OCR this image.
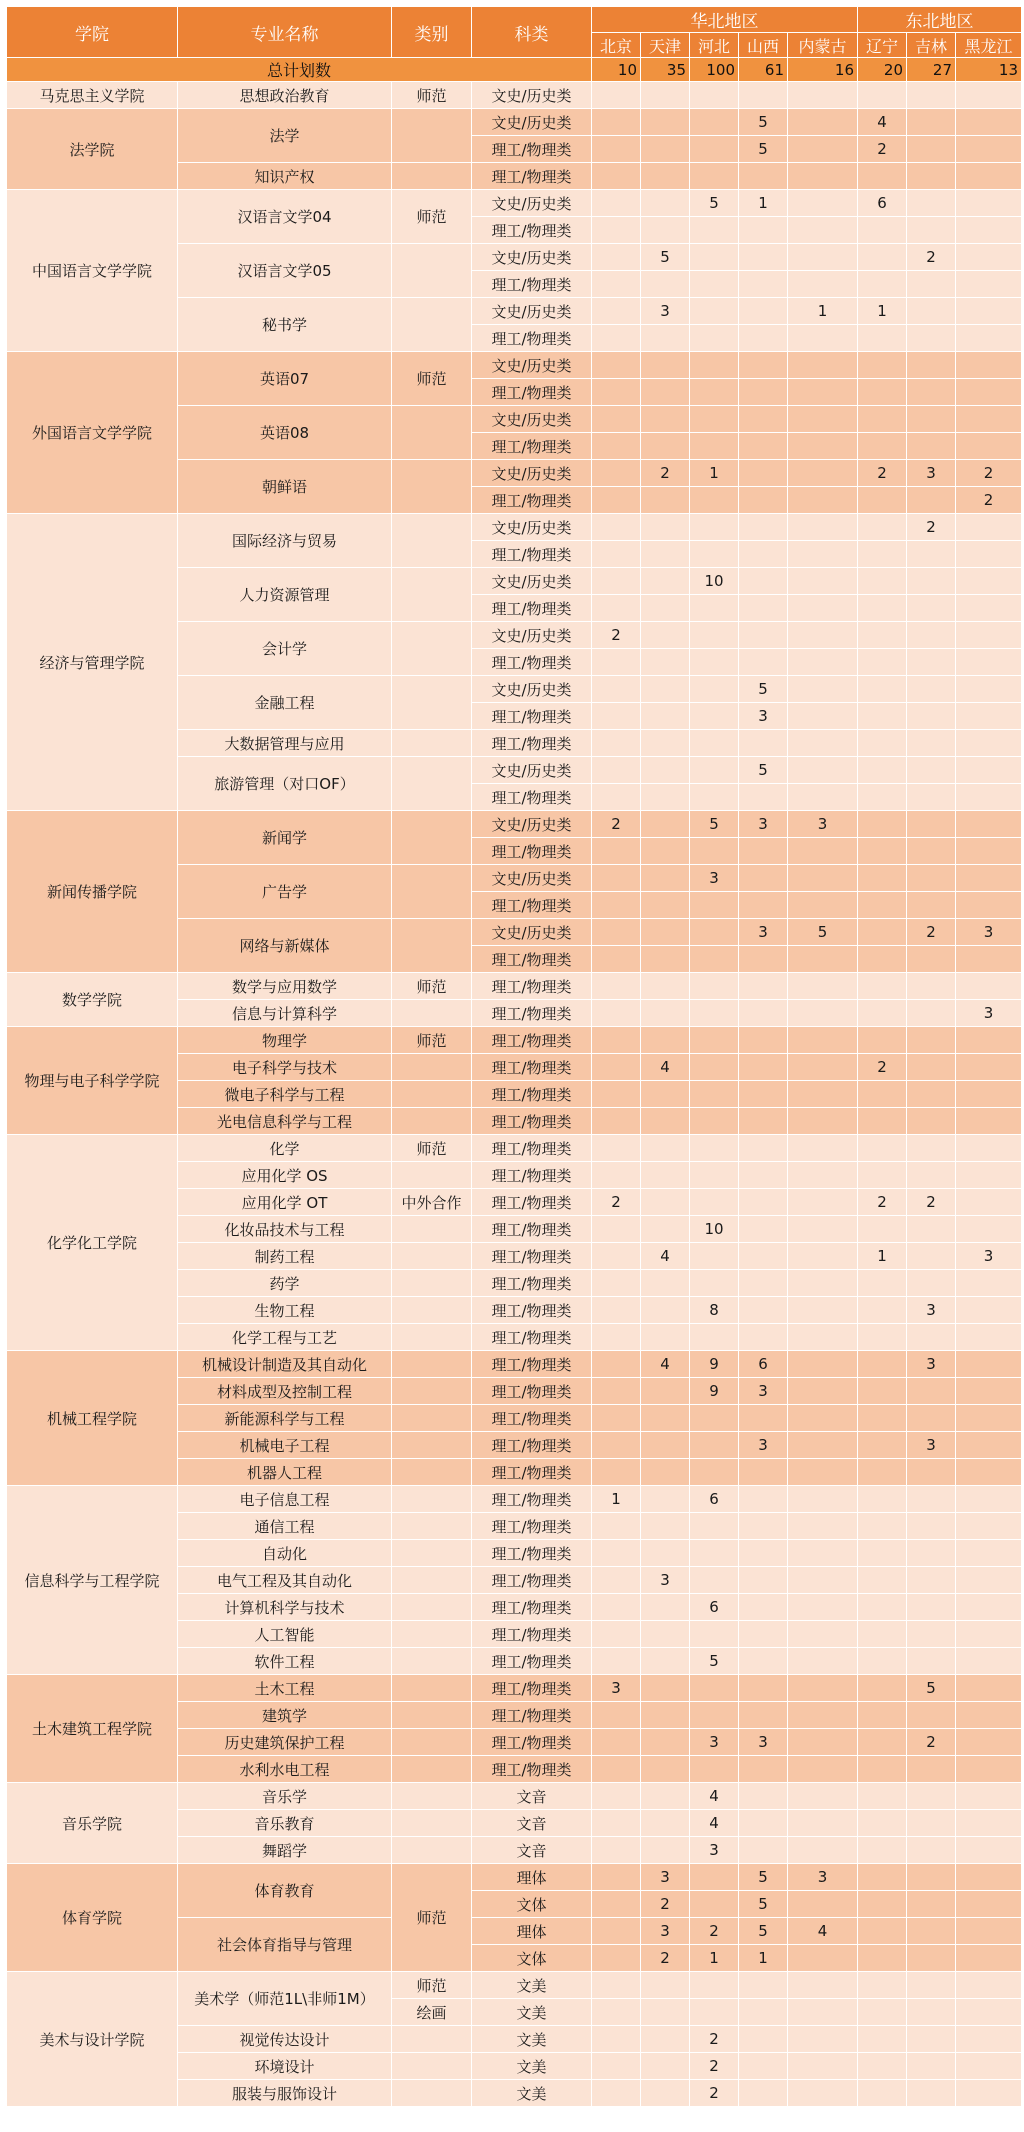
学院	专业名称	类别	科类	华北地区					东北地区		
				北京	天津	河北	山西	内蒙古	辽宁	吉林	黑龙江
总计划数				10	35	100	61	16	20	27	13
马克思主义学院	思想政治教育	师范	文史/历史类								
法学院	法学		文史/历史类				5		4		
			理工/物理类				5		2		
	知识产权		理工/物理类								
中国语言文学学院	汉语言文学04	师范	文史/历史类			5	1		6		
			理工/物理类								
	汉语言文学05		文史/历史类		5					2	
			理工/物理类								
	秘书学		文史/历史类		3			1	1		
			理工/物理类								
外国语言文学学院	英语07	师范	文史/历史类								
			理工/物理类								
	英语08		文史/历史类								
			理工/物理类								
	朝鲜语		文史/历史类		2	1			2	3	2
			理工/物理类								2
经济与管理学院	国际经济与贸易		文史/历史类							2	
			理工/物理类								
	人力资源管理		文史/历史类			10					
			理工/物理类								
	会计学		文史/历史类	2							
			理工/物理类								
	金融工程		文史/历史类				5				
			理工/物理类				3				
	大数据管理与应用		理工/物理类								
	旅游管理（对口OF）		文史/历史类				5				
			理工/物理类								
新闻传播学院	新闻学		文史/历史类	2		5	3	3			
			理工/物理类								
	广告学		文史/历史类			3					
			理工/物理类								
	网络与新媒体		文史/历史类				3	5		2	3
			理工/物理类								
数学学院	数学与应用数学	师范	理工/物理类								
	信息与计算科学		理工/物理类								3
物理与电子科学学院	物理学	师范	理工/物理类								
	电子科学与技术		理工/物理类		4				2		
	微电子科学与工程		理工/物理类								
	光电信息科学与工程		理工/物理类								
化学化工学院	化学	师范	理工/物理类								
	应用化学 OS		理工/物理类								
	应用化学 OT	中外合作	理工/物理类	2					2	2	
	化妆品技术与工程		理工/物理类			10					
	制药工程		理工/物理类		4				1		3
	药学		理工/物理类								
	生物工程		理工/物理类			8				3	
	化学工程与工艺		理工/物理类								
机械工程学院	机械设计制造及其自动化		理工/物理类		4	9	6			3	
	材料成型及控制工程		理工/物理类			9	3				
	新能源科学与工程		理工/物理类								
	机械电子工程		理工/物理类				3			3	
	机器人工程		理工/物理类								
信息科学与工程学院	电子信息工程		理工/物理类	1		6					
	通信工程		理工/物理类								
	自动化		理工/物理类								
	电气工程及其自动化		理工/物理类		3						
	计算机科学与技术		理工/物理类			6					
	人工智能		理工/物理类								
	软件工程		理工/物理类			5					
土木建筑工程学院	土木工程		理工/物理类	3						5	
	建筑学		理工/物理类								
	历史建筑保护工程		理工/物理类			3	3			2	
	水利水电工程		理工/物理类								
音乐学院	音乐学		文音			4					
	音乐教育		文音			4					
	舞蹈学		文音			3					
体育学院	体育教育	师范	理体		3		5	3			
			文体		2		5				
	社会体育指导与管理		理体		3	2	5	4			
			文体		2	1	1				
美术与设计学院	美术学（师范1L\非师1M）	师范	文美								
		绘画	文美								
	视觉传达设计		文美			2					
	环境设计		文美			2					
	服装与服饰设计		文美			2					
